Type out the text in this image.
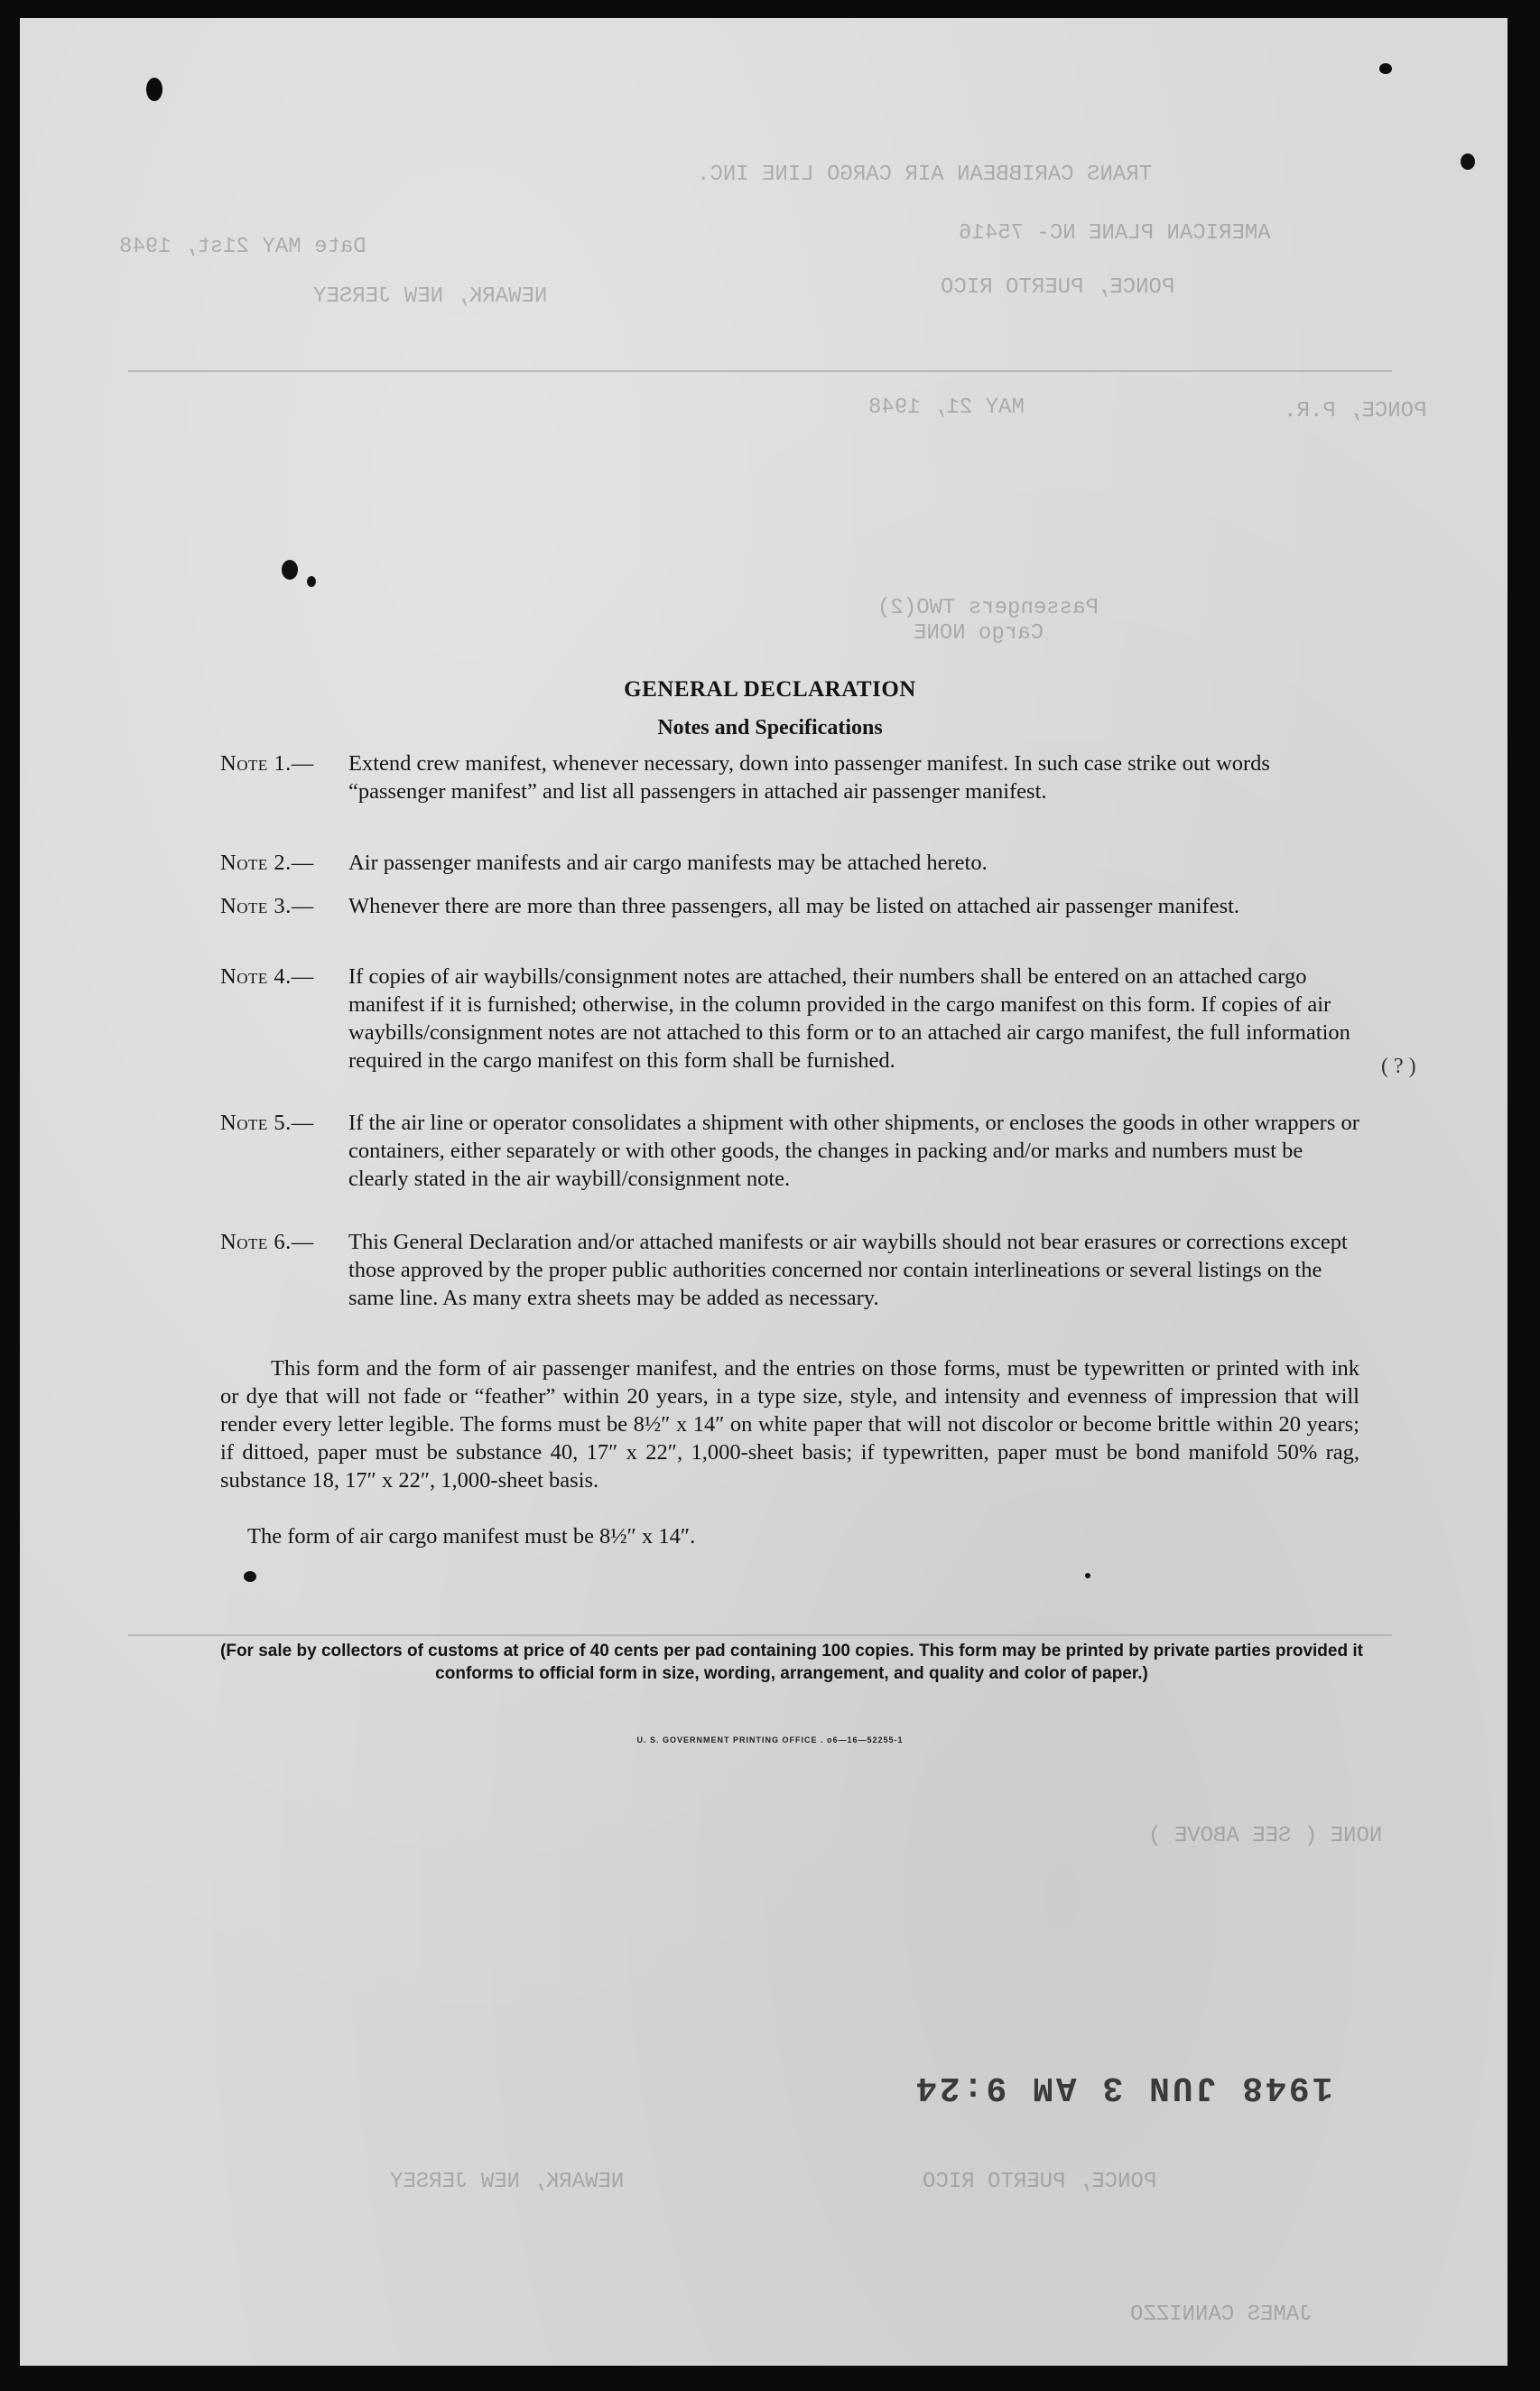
TRANS CARIBBEAN AIR CARGO LINE INC.
AMERICAN PLANE NC- 75416
Date MAY 21st, 1948
PONCE, PUERTO RICO
NEWARK, NEW JERSEY
PONCE, P.R.
MAY 21, 1948
Passengers TWO(2)
Cargo NONE
NONE ( SEE ABOVE )
PONCE, PUERTO RICO
NEWARK, NEW JERSEY
JAMES CANNIZZO
GENERAL DECLARATION
Notes and Specifications
Note 1.—	Extend crew manifest, whenever necessary, down into passenger manifest. In such case strike out words “passenger manifest” and list all passengers in attached air passenger manifest.
Note 2.—	Air passenger manifests and air cargo manifests may be attached hereto.
Note 3.—	Whenever there are more than three passengers, all may be listed on attached air passenger manifest.
Note 4.—	If copies of air waybills/consignment notes are attached, their numbers shall be entered on an attached cargo manifest if it is furnished; otherwise, in the column provided in the cargo manifest on this form. If copies of air waybills/consignment notes are not attached to this form or to an attached air cargo manifest, the full information required in the cargo manifest on this form shall be furnished.	( ? )
Note 5.—	If the air line or operator consolidates a shipment with other shipments, or encloses the goods in other wrappers or containers, either separately or with other goods, the changes in packing and/or marks and numbers must be clearly stated in the air waybill/consignment note.
Note 6.—	This General Declaration and/or attached manifests or air waybills should not bear erasures or corrections except those approved by the proper public authorities concerned nor contain interlineations or several listings on the same line. As many extra sheets may be added as necessary.
This form and the form of air passenger manifest, and the entries on those forms, must be typewritten or printed with ink or dye that will not fade or “feather” within 20 years, in a type size, style, and intensity and evenness of impression that will render every letter legible. The forms must be 8½″ x 14″ on white paper that will not discolor or become brittle within 20 years; if dittoed, paper must be substance 40, 17″ x 22″, 1,000-sheet basis; if typewritten, paper must be bond manifold 50% rag, substance 18, 17″ x 22″, 1,000-sheet basis.
The form of air cargo manifest must be 8½″ x 14″.
(For sale by collectors of customs at price of 40 cents per pad containing 100 copies. This form may be printed by private parties provided it conforms to official form in size, wording, arrangement, and quality and color of paper.)
U. S. GOVERNMENT PRINTING OFFICE . o6—16—52255-1
1948 JUN 3 AM 9:24
